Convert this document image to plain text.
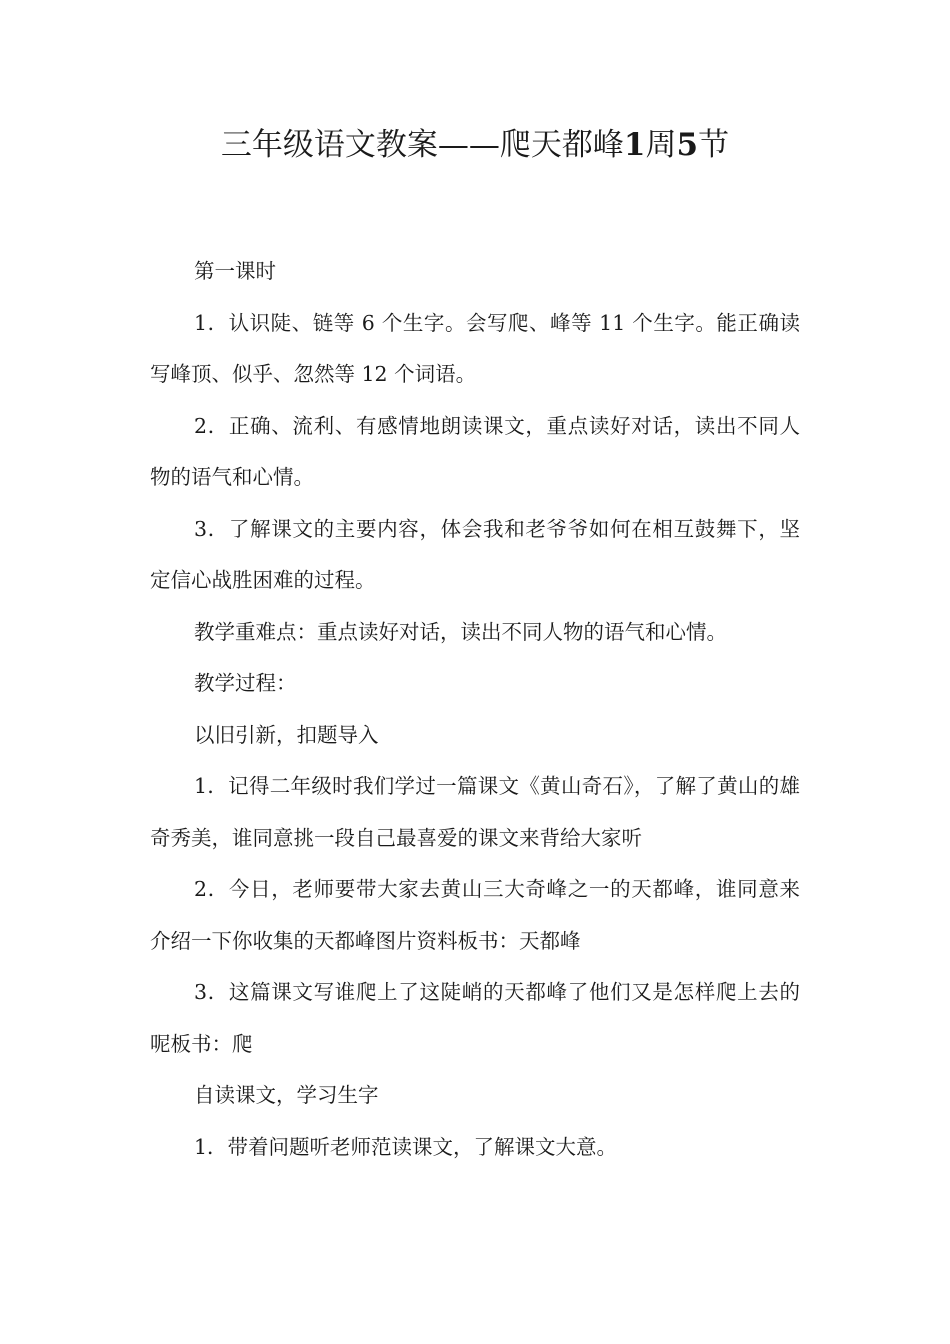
三年级语文教案——爬天都峰1周5节

第一课时

1．认识陡、链等 6 个生字。会写爬、峰等 11 个生字。能正确读写峰顶、似乎、忽然等 12 个词语。

2．正确、流利、有感情地朗读课文，重点读好对话，读出不同人物的语气和心情。

3．了解课文的主要内容，体会我和老爷爷如何在相互鼓舞下，坚定信心战胜困难的过程。

教学重难点：重点读好对话，读出不同人物的语气和心情。

教学过程：

以旧引新，扣题导入

1．记得二年级时我们学过一篇课文《黄山奇石》，了解了黄山的雄奇秀美，谁同意挑一段自己最喜爱的课文来背给大家听

2．今日，老师要带大家去黄山三大奇峰之一的天都峰，谁同意来介绍一下你收集的天都峰图片资料板书：天都峰

3．这篇课文写谁爬上了这陡峭的天都峰了他们又是怎样爬上去的呢板书：爬

自读课文，学习生字

1．带着问题听老师范读课文，了解课文大意。
